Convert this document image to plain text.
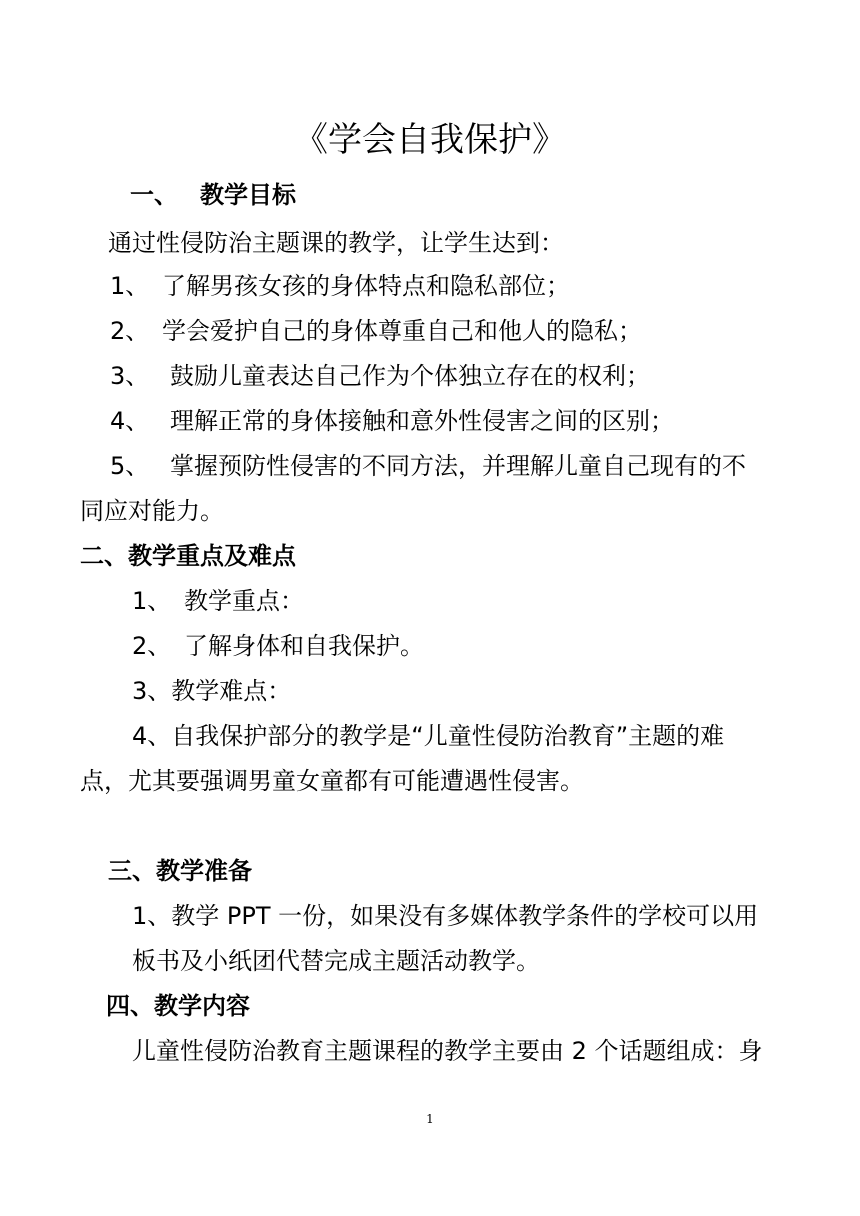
《学会自我保护》
一、 教学目标
通过性侵防治主题课的教学，让学生达到：
1、 了解男孩女孩的身体特点和隐私部位；
2、 学会爱护自己的身体尊重自己和他人的隐私；
3、 鼓励儿童表达自己作为个体独立存在的权利；
4、 理解正常的身体接触和意外性侵害之间的区别；
5、 掌握预防性侵害的不同方法，并理解儿童自己现有的不
同应对能力。
二、教学重点及难点
1、 教学重点：
2、 了解身体和自我保护。
3、教学难点：
4、自我保护部分的教学是“儿童性侵防治教育”主题的难
点，尤其要强调男童女童都有可能遭遇性侵害。
三、教学准备
1、教学 PPT 一份，如果没有多媒体教学条件的学校可以用
板书及小纸团代替完成主题活动教学。
四、教学内容
儿童性侵防治教育主题课程的教学主要由 2 个话题组成：身
1
